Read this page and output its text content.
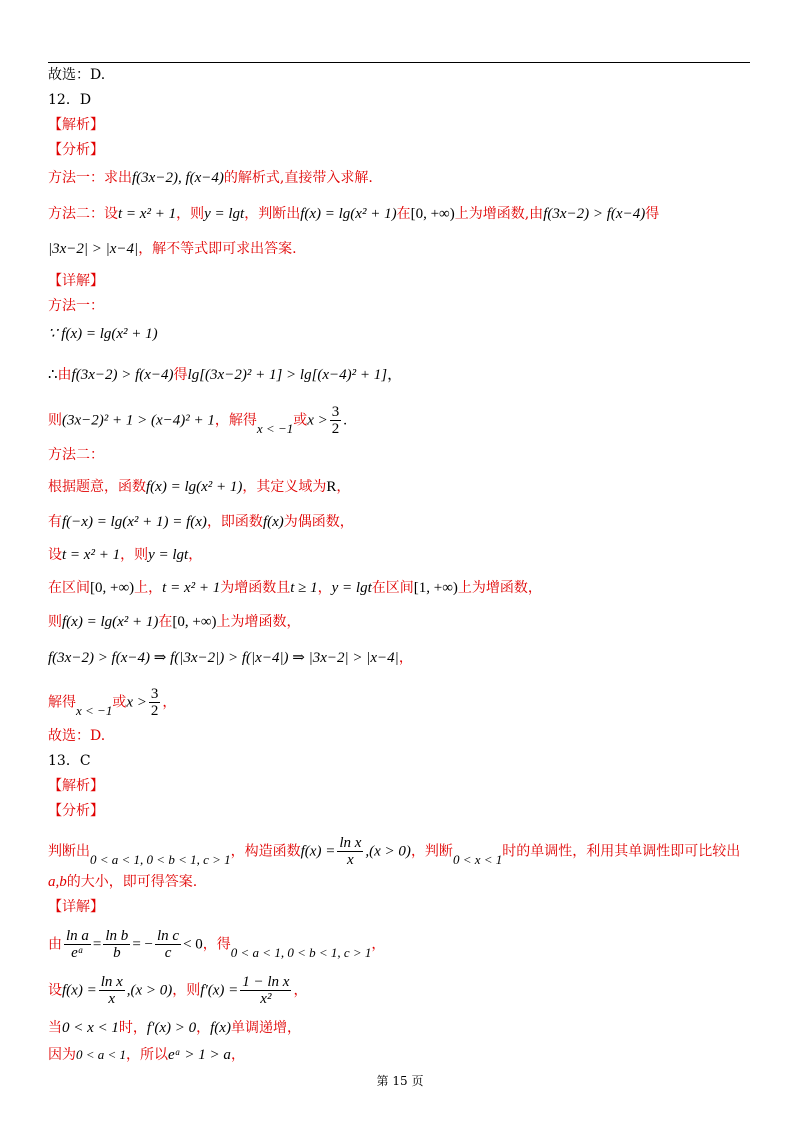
故选：D.
12．D
【解析】
【分析】
方法一：求出f(3x−2), f(x−4)的解析式,直接带入求解.
方法二：设t = x² + 1，则y = lgt，判断出f(x) = lg(x² + 1)在[0, +∞)上为增函数,由f(3x−2) > f(x−4)得
|3x−2| > |x−4|，解不等式即可求出答案.
【详解】
方法一：
∵ f(x) = lg(x² + 1)
∴由f(3x−2) > f(x−4)得lg[(3x−2)² + 1] > lg[(x−4)² + 1]，
则(3x−2)² + 1 > (x−4)² + 1，解得x < −1或$x > \frac{3}{2}$ .
方法二：
根据题意，函数f(x) = lg(x² + 1)，其定义域为R，
有f(−x) = lg(x² + 1) = f(x)，即函数f(x)为偶函数，
设t = x² + 1，则y = lgt，
在区间[0, +∞)上，t = x² + 1为增函数且t ≥ 1，y = lgt在区间[1, +∞)上为增函数，
则f(x) = lg(x² + 1)在[0, +∞)上为增函数，
f(3x−2) > f(x−4) ⇒ f(|3x−2|) > f(|x−4|) ⇒ |3x−2| > |x−4|，
解得x < −1或$x > \frac{3}{2}$ ，
故选：D.
13．C
【解析】
【分析】
判断出0 < a < 1, 0 < b < 1, c > 1，构造函数$f(x) = \frac{\text{ln x}}{x} ,(x > 0)$，判断0 < x < 1时的单调性，利用其单调性即可比较出
a,b的大小，即可得答案.
【详解】
由 $\frac{\text{ln a}}{\text{eᵃ}} = \frac{\text{ln b}}{b}$ = − $\frac{\text{ln c}}{c} < 0$，得0 < a < 1, 0 < b < 1, c > 1，
设$f(x) = \frac{\text{ln x}}{x} ,(x > 0)$，则$f'(x) = \frac{\text{1 − ln x}}{\text{x²}}$ ，
当0 < x < 1时，f′(x) > 0，f(x)单调递增，
因为0 < a < 1，所以eᵃ > 1 > a，
第 15 页
